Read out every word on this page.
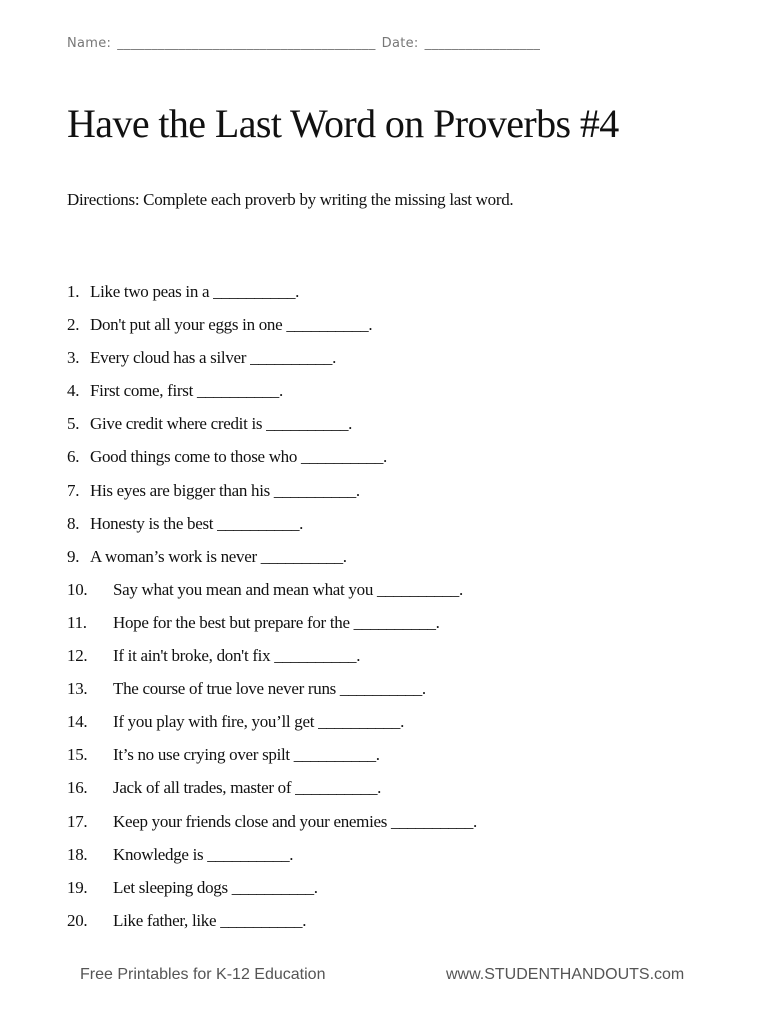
Name: ______________________________________ Date: _________________
Have the Last Word on Proverbs #4
Directions: Complete each proverb by writing the missing last word.
1. Like two peas in a __________.
2. Don't put all your eggs in one __________.
3. Every cloud has a silver __________.
4. First come, first __________.
5. Give credit where credit is __________.
6. Good things come to those who __________.
7. His eyes are bigger than his __________.
8. Honesty is the best __________.
9. A woman’s work is never __________.
10. Say what you mean and mean what you __________.
11. Hope for the best but prepare for the __________.
12. If it ain't broke, don't fix __________.
13. The course of true love never runs __________.
14. If you play with fire, you’ll get __________.
15. It’s no use crying over spilt __________.
16. Jack of all trades, master of __________.
17. Keep your friends close and your enemies __________.
18. Knowledge is __________.
19. Let sleeping dogs __________.
20. Like father, like __________.
Free Printables for K-12 Education	www.STUDENTHANDOUTS.com
